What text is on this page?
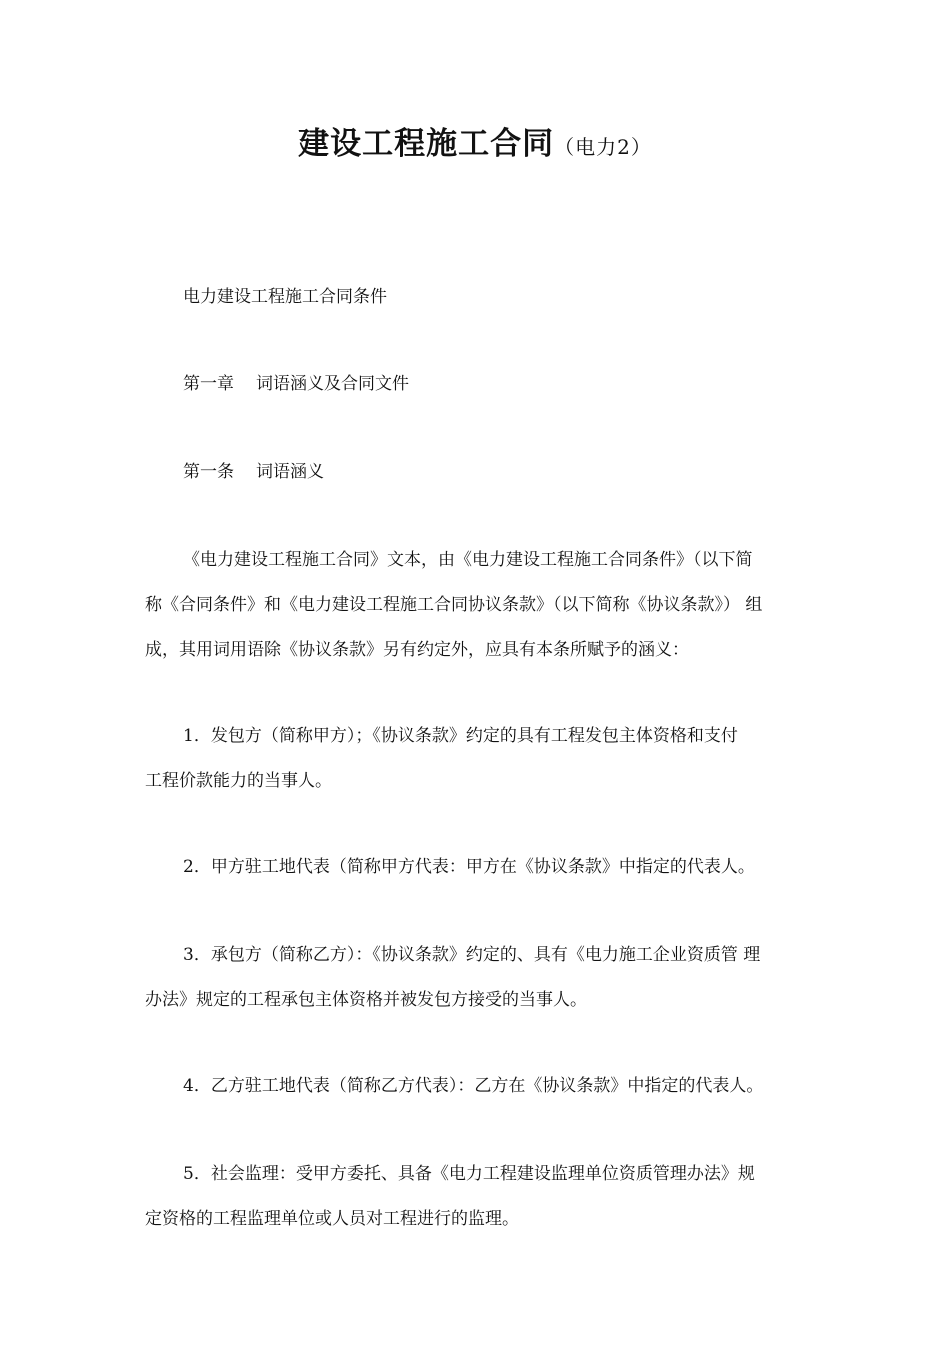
建设工程施工合同（电力2）

电力建设工程施工合同条件

第一章 词语涵义及合同文件

第一条 词语涵义

《电力建设工程施工合同》文本，由《电力建设工程施工合同条件》（以下简
称《合同条件》和《电力建设工程施工合同协议条款》（以下简称《协议条款》） 组
成，其用词用语除《协议条款》另有约定外，应具有本条所赋予的涵义：

1．发包方（简称甲方）；《协议条款》约定的具有工程发包主体资格和支付
工程价款能力的当事人。

2．甲方驻工地代表（简称甲方代表：甲方在《协议条款》中指定的代表人。

3．承包方（简称乙方）：《协议条款》约定的、具有《电力施工企业资质管 理
办法》规定的工程承包主体资格并被发包方接受的当事人。

4．乙方驻工地代表（简称乙方代表）：乙方在《协议条款》中指定的代表人。

5．社会监理：受甲方委托、具备《电力工程建设监理单位资质管理办法》规
定资格的工程监理单位或人员对工程进行的监理。
